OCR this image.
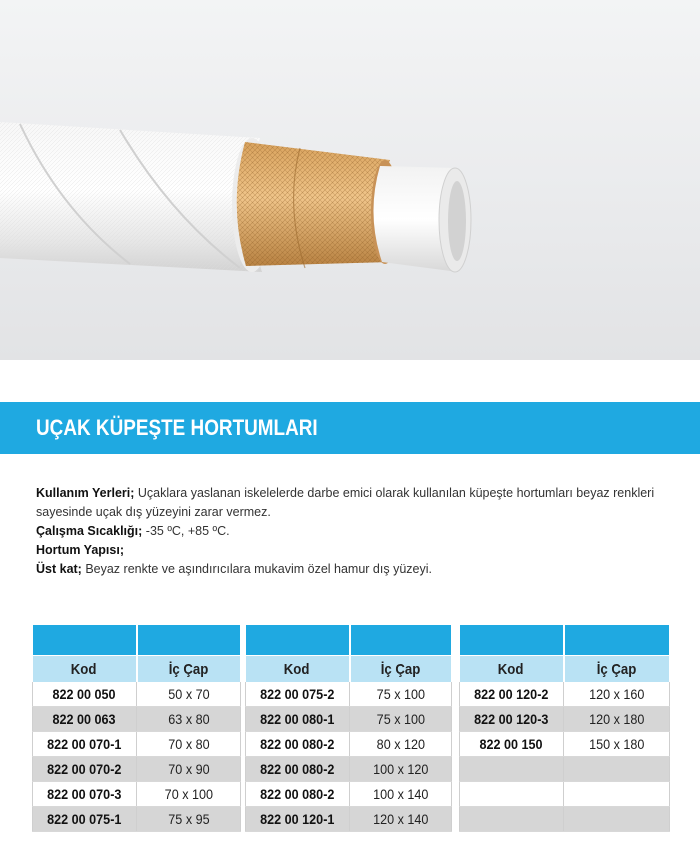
UÇAK KÜPEŞTE HORTUMLARI

Kullanım Yerleri; Uçaklara yaslanan iskelelerde darbe emici olarak kullanılan küpeşte hortumları beyaz renkleri sayesinde uçak dış yüzeyini zarar vermez.

Çalışma Sıcaklığı; -35 ºC, +85 ºC.

Hortum Yapısı;

Üst kat; Beyaz renkte ve aşındırıcılara mukavim özel hamur dış yüzeyi.

Kod	İç Çap
822 00 050	50 x 70
822 00 063	63 x 80
822 00 070-1	70 x 80
822 00 070-2	70 x 90
822 00 070-3	70 x 100
822 00 075-1	75 x 95

Kod	İç Çap
822 00 075-2	75 x 100
822 00 080-1	75 x 100
822 00 080-2	80 x 120
822 00 080-2	100 x 120
822 00 080-2	100 x 140
822 00 120-1	120 x 140

Kod	İç Çap
822 00 120-2	120 x 160
822 00 120-3	120 x 180
822 00 150	150 x 180
